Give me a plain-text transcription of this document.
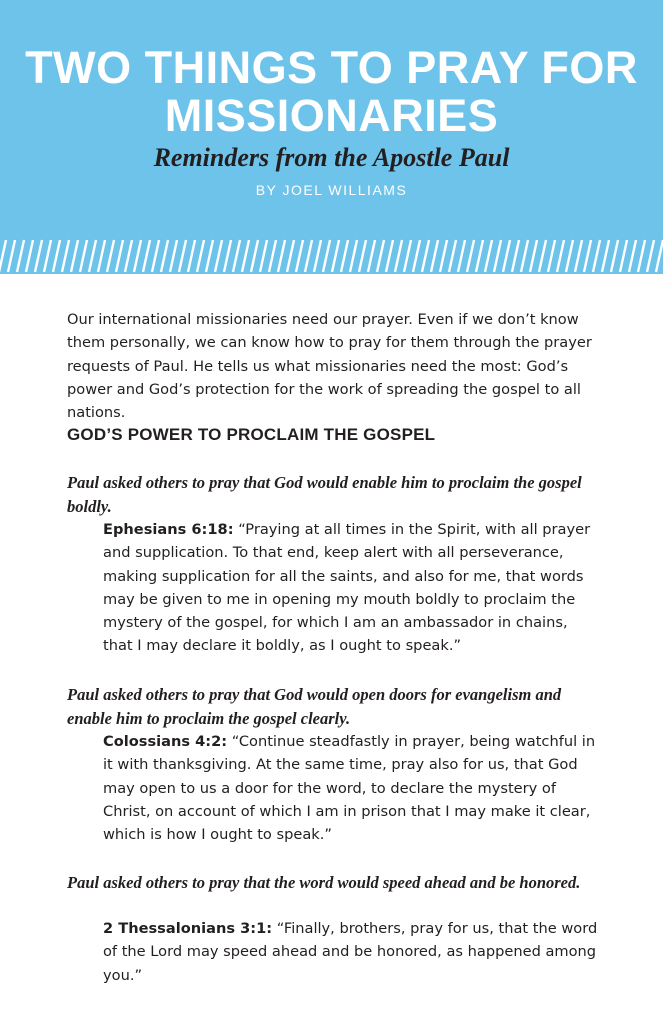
TWO THINGS TO PRAY FOR MISSIONARIES
Reminders from the Apostle Paul
BY JOEL WILLIAMS

Our international missionaries need our prayer. Even if we don’t know them personally, we can know how to pray for them through the prayer requests of Paul. He tells us what missionaries need the most: God’s power and God’s protection for the work of spreading the gospel to all nations.

GOD’S POWER TO PROCLAIM THE GOSPEL

Paul asked others to pray that God would enable him to proclaim the gospel boldly.

Ephesians 6:18: “Praying at all times in the Spirit, with all prayer and supplication. To that end, keep alert with all perseverance, making supplication for all the saints, and also for me, that words may be given to me in opening my mouth boldly to proclaim the mystery of the gospel, for which I am an ambassador in chains, that I may declare it boldly, as I ought to speak.”

Paul asked others to pray that God would open doors for evangelism and enable him to proclaim the gospel clearly.

Colossians 4:2: “Continue steadfastly in prayer, being watchful in it with thanksgiving. At the same time, pray also for us, that God may open to us a door for the word, to declare the mystery of Christ, on account of which I am in prison that I may make it clear, which is how I ought to speak.”

Paul asked others to pray that the word would speed ahead and be honored.

2 Thessalonians 3:1: “Finally, brothers, pray for us, that the word of the Lord may speed ahead and be honored, as happened among you.”
